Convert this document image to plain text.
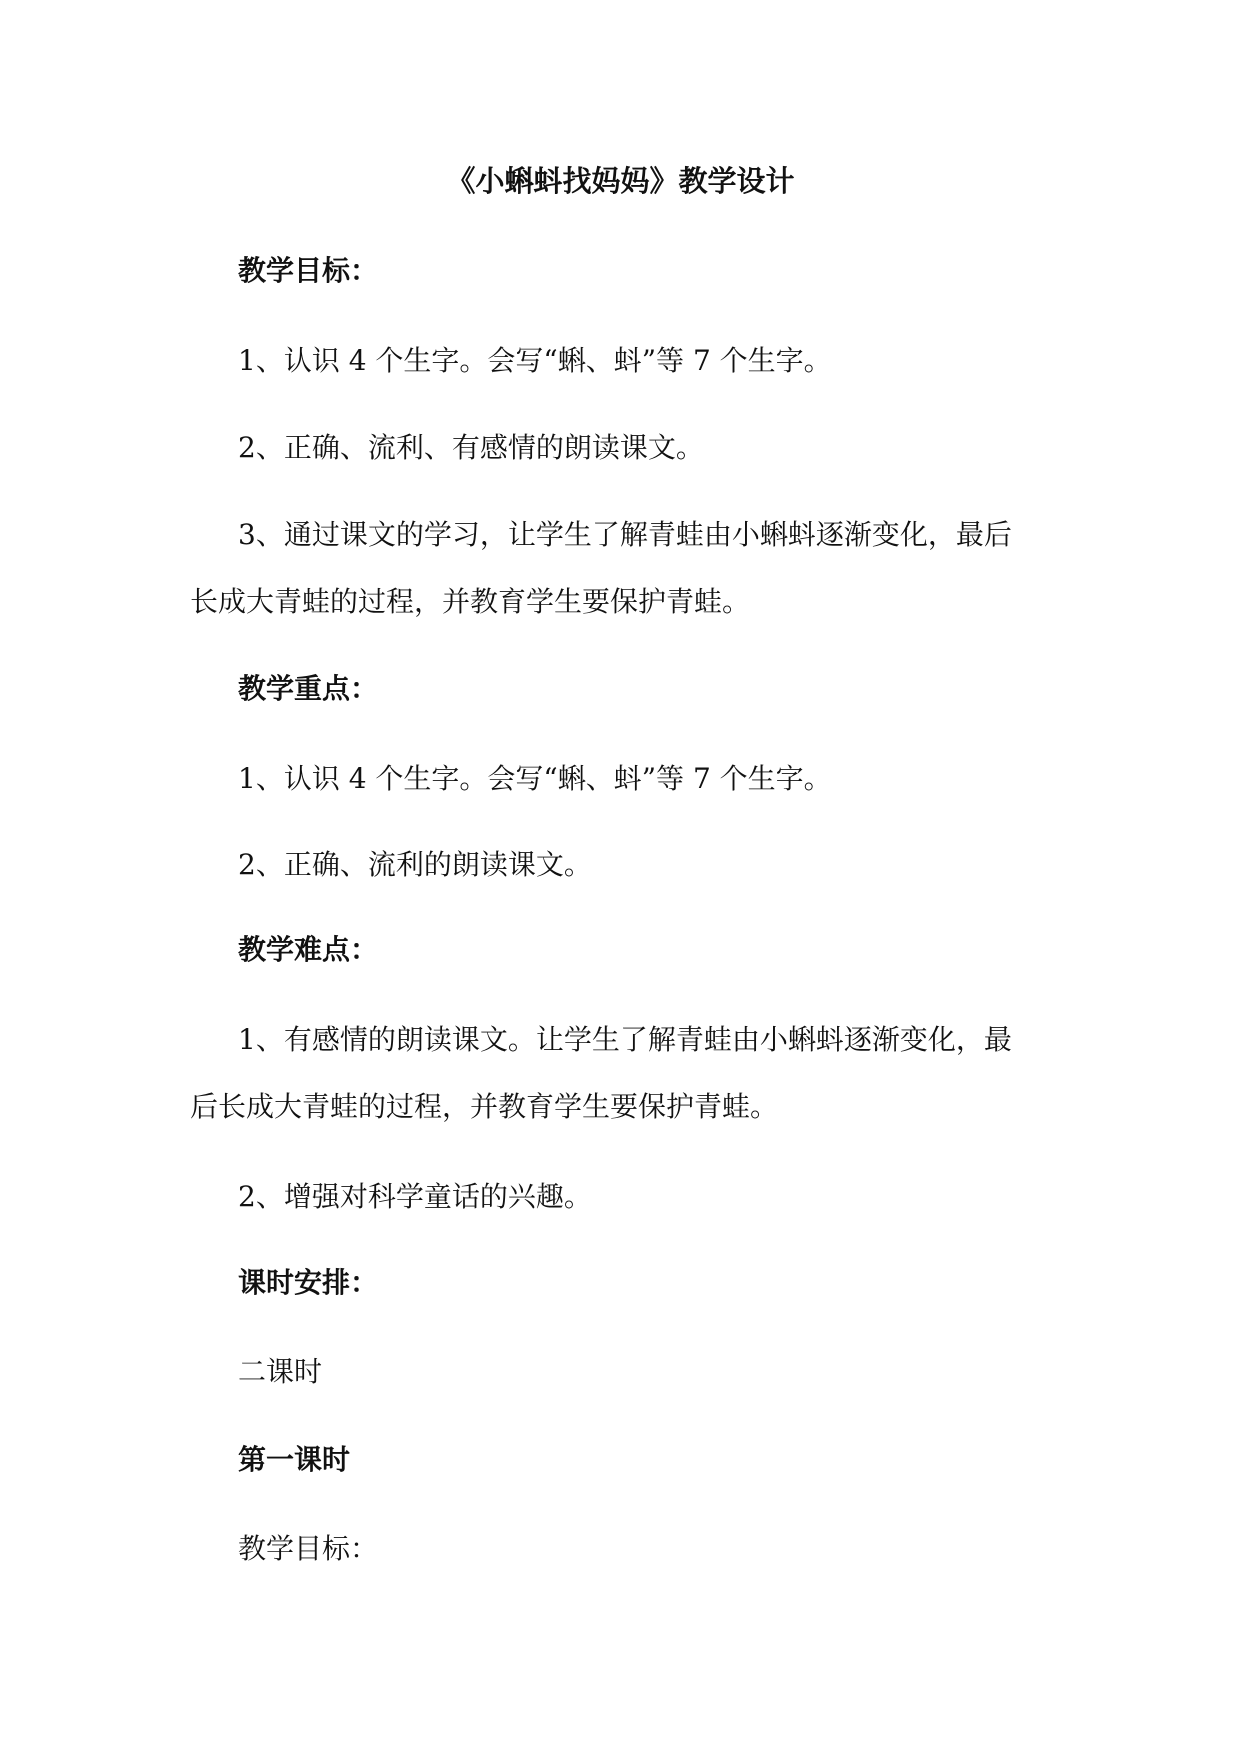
《小蝌蚪找妈妈》教学设计
教学目标：
1、认识 4 个生字。会写“蝌、蚪”等 7 个生字。
2、正确、流利、有感情的朗读课文。
3、通过课文的学习，让学生了解青蛙由小蝌蚪逐渐变化，最后
长成大青蛙的过程，并教育学生要保护青蛙。
教学重点：
1、认识 4 个生字。会写“蝌、蚪”等 7 个生字。
2、正确、流利的朗读课文。
教学难点：
1、有感情的朗读课文。让学生了解青蛙由小蝌蚪逐渐变化，最
后长成大青蛙的过程，并教育学生要保护青蛙。
2、增强对科学童话的兴趣。
课时安排：
二课时
第一课时
教学目标：
